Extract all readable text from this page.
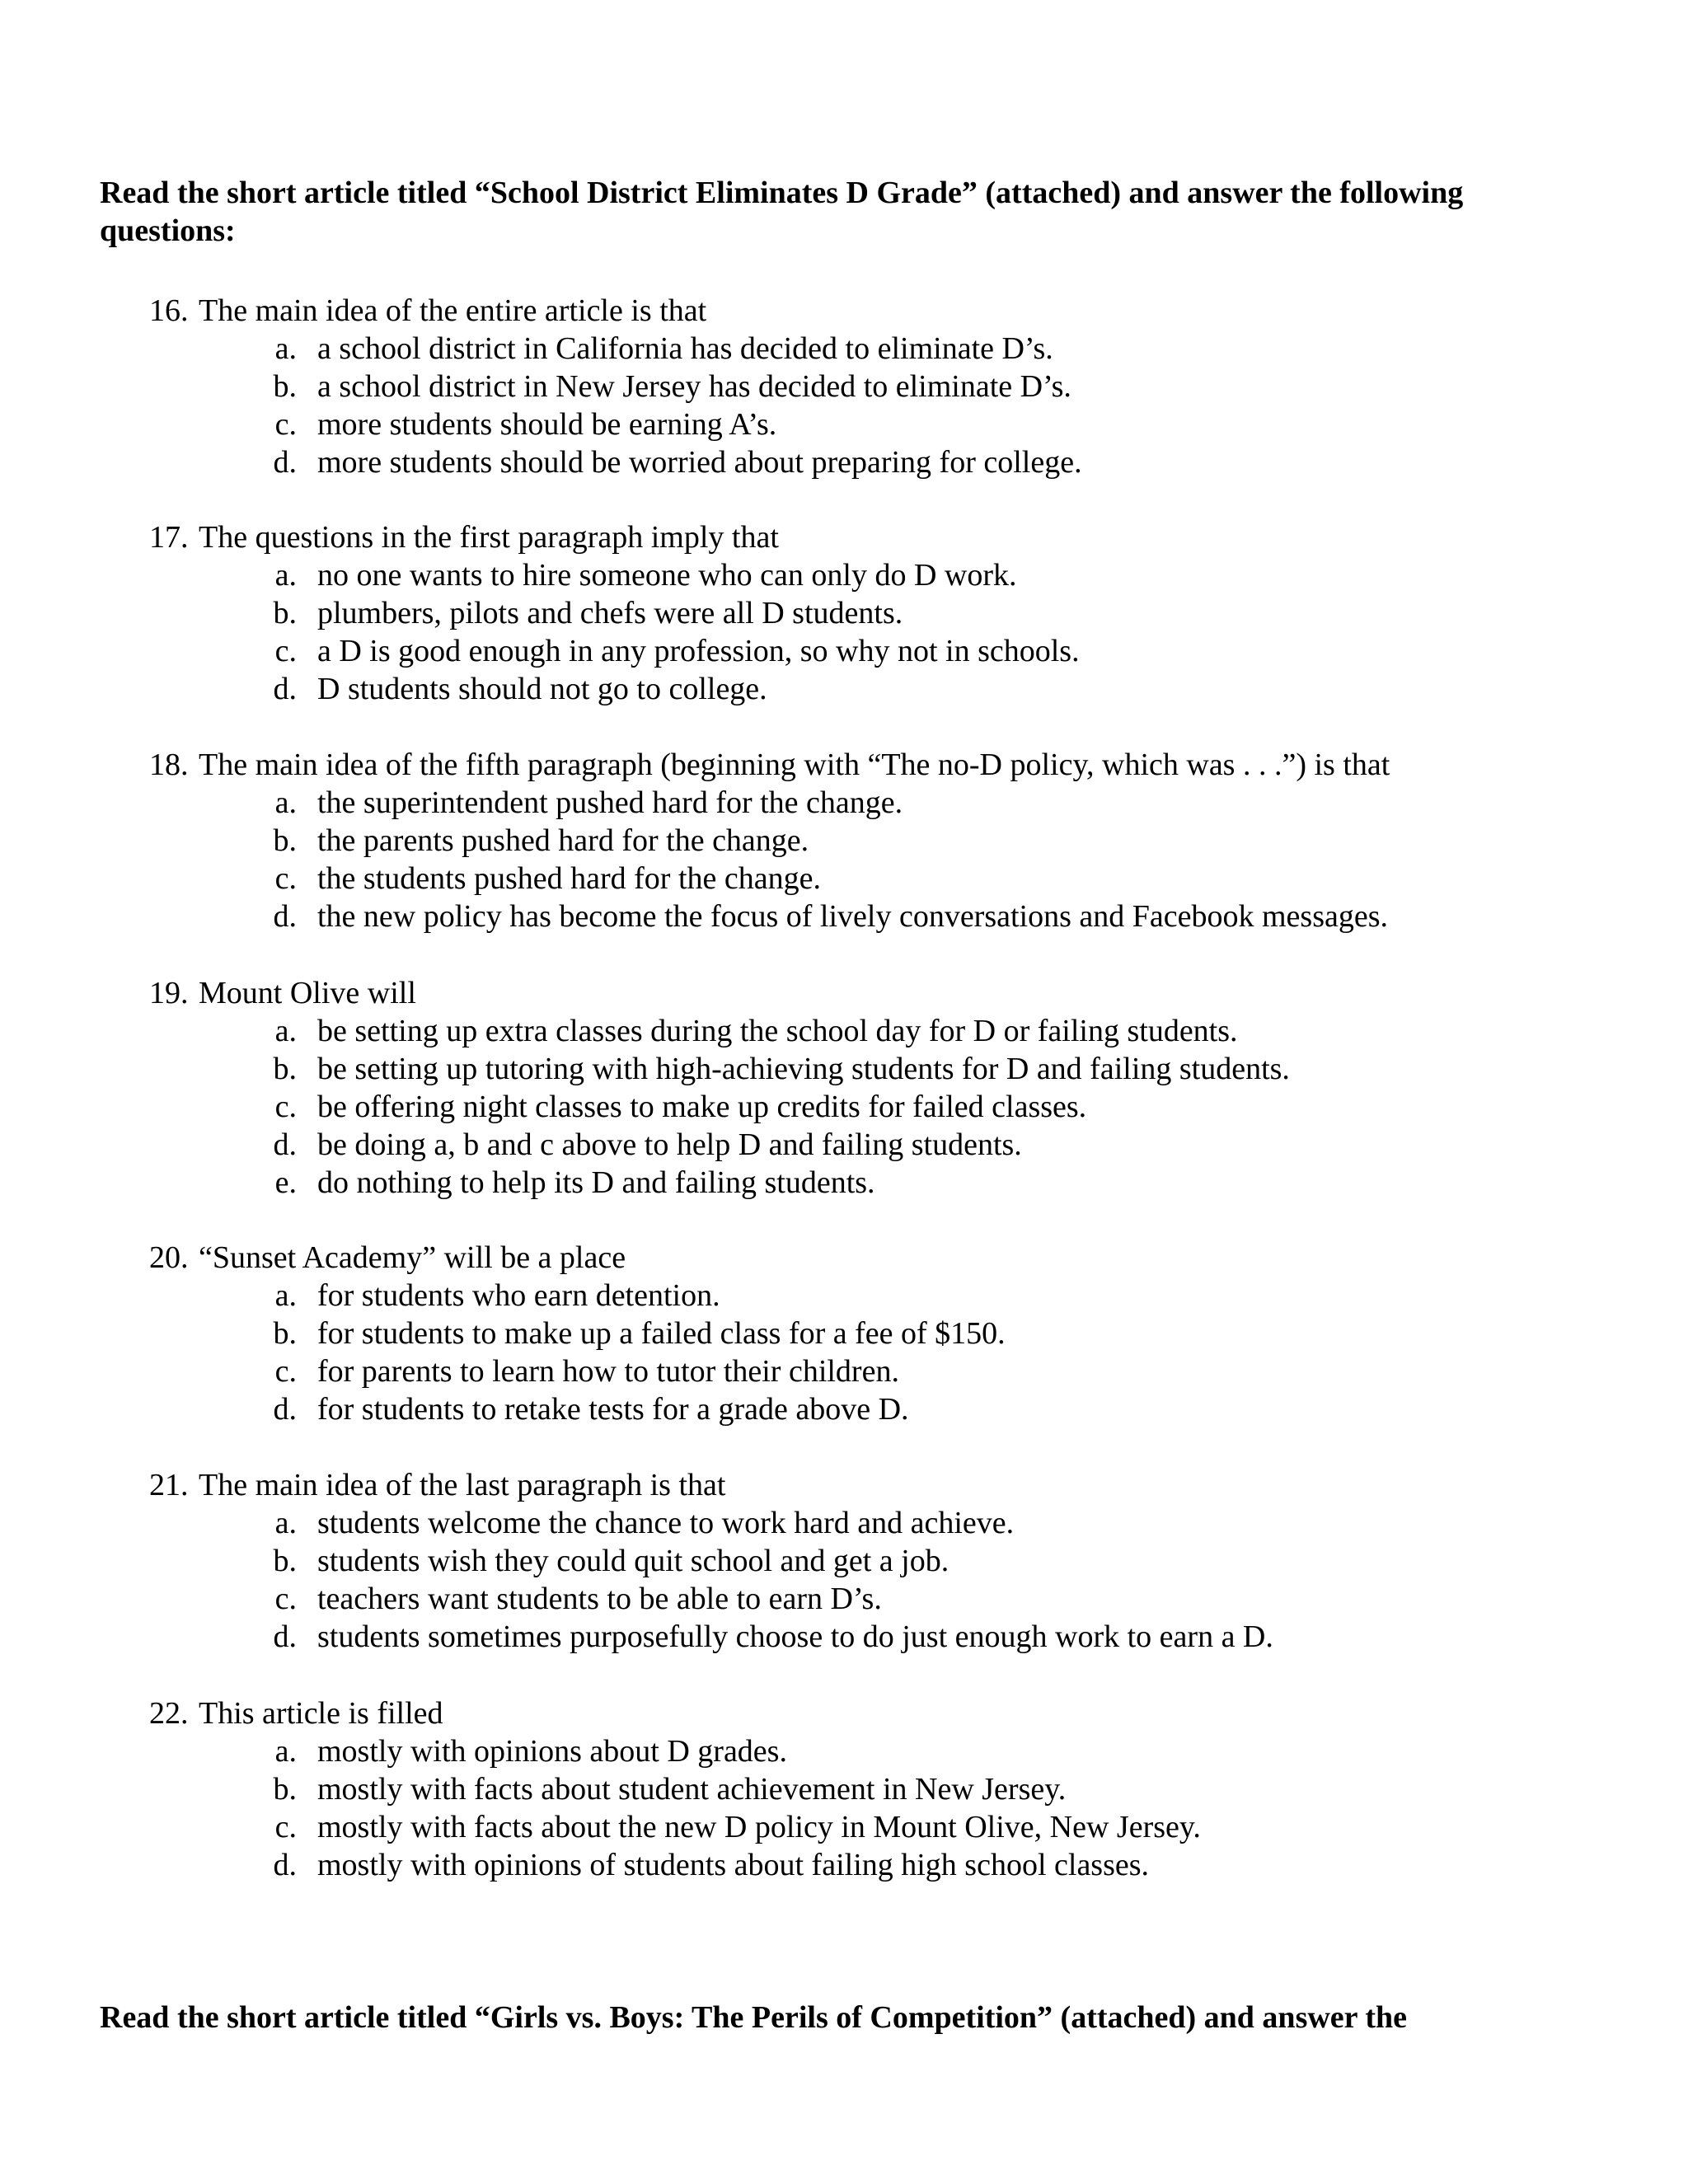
Read the short article titled “School District Eliminates D Grade” (attached) and answer the following questions:
16. The main idea of the entire article is that
a. a school district in California has decided to eliminate D’s.
b. a school district in New Jersey has decided to eliminate D’s.
c. more students should be earning A’s.
d. more students should be worried about preparing for college.
17. The questions in the first paragraph imply that
a. no one wants to hire someone who can only do D work.
b. plumbers, pilots and chefs were all D students.
c. a D is good enough in any profession, so why not in schools.
d. D students should not go to college.
18. The main idea of the fifth paragraph (beginning with “The no-D policy, which was . . .”) is that
a. the superintendent pushed hard for the change.
b. the parents pushed hard for the change.
c. the students pushed hard for the change.
d. the new policy has become the focus of lively conversations and Facebook messages.
19. Mount Olive will
a. be setting up extra classes during the school day for D or failing students.
b. be setting up tutoring with high-achieving students for D and failing students.
c. be offering night classes to make up credits for failed classes.
d. be doing a, b and c above to help D and failing students.
e. do nothing to help its D and failing students.
20. “Sunset Academy” will be a place
a. for students who earn detention.
b. for students to make up a failed class for a fee of $150.
c. for parents to learn how to tutor their children.
d. for students to retake tests for a grade above D.
21. The main idea of the last paragraph is that
a. students welcome the chance to work hard and achieve.
b. students wish they could quit school and get a job.
c. teachers want students to be able to earn D’s.
d. students sometimes purposefully choose to do just enough work to earn a D.
22. This article is filled
a. mostly with opinions about D grades.
b. mostly with facts about student achievement in New Jersey.
c. mostly with facts about the new D policy in Mount Olive, New Jersey.
d. mostly with opinions of students about failing high school classes.
Read the short article titled “Girls vs. Boys: The Perils of Competition” (attached) and answer the
